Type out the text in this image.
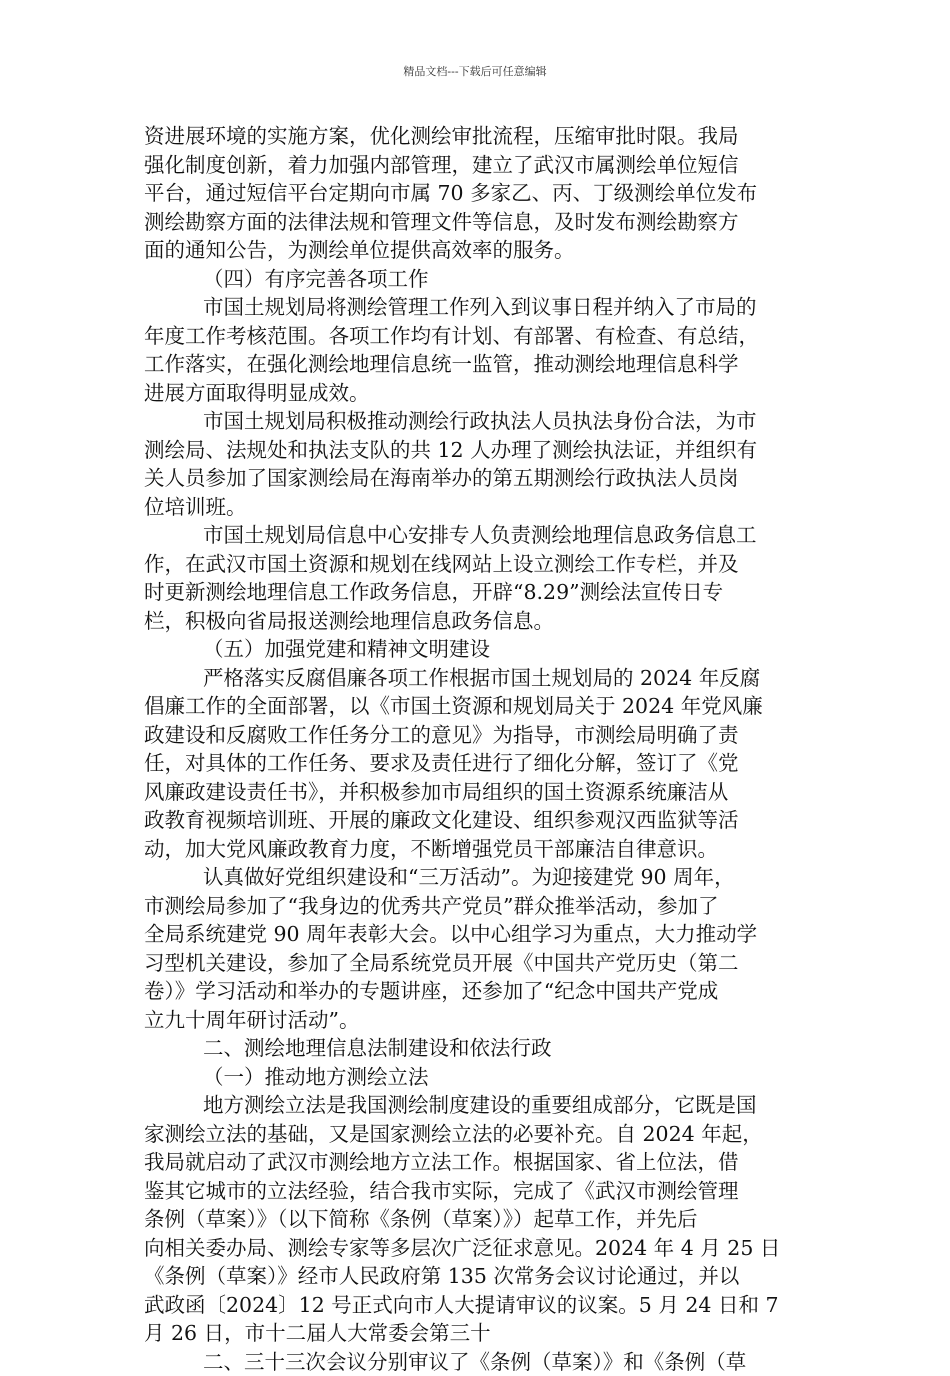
精品文档---下载后可任意编辑
资进展环境的实施方案，优化测绘审批流程，压缩审批时限。我局
强化制度创新，着力加强内部管理，建立了武汉市属测绘单位短信
平台，通过短信平台定期向市属 70 多家乙、丙、丁级测绘单位发布
测绘勘察方面的法律法规和管理文件等信息，及时发布测绘勘察方
面的通知公告，为测绘单位提供高效率的服务。
（四）有序完善各项工作
市国土规划局将测绘管理工作列入到议事日程并纳入了市局的
年度工作考核范围。各项工作均有计划、有部署、有检查、有总结，
工作落实，在强化测绘地理信息统一监管，推动测绘地理信息科学
进展方面取得明显成效。
市国土规划局积极推动测绘行政执法人员执法身份合法，为市
测绘局、法规处和执法支队的共 12 人办理了测绘执法证，并组织有
关人员参加了国家测绘局在海南举办的第五期测绘行政执法人员岗
位培训班。
市国土规划局信息中心安排专人负责测绘地理信息政务信息工
作，在武汉市国土资源和规划在线网站上设立测绘工作专栏，并及
时更新测绘地理信息工作政务信息，开辟“8.29”测绘法宣传日专
栏，积极向省局报送测绘地理信息政务信息。
（五）加强党建和精神文明建设
严格落实反腐倡廉各项工作根据市国土规划局的 2024 年反腐
倡廉工作的全面部署，以《市国土资源和规划局关于 2024 年党风廉
政建设和反腐败工作任务分工的意见》为指导，市测绘局明确了责
任，对具体的工作任务、要求及责任进行了细化分解，签订了《党
风廉政建设责任书》，并积极参加市局组织的国土资源系统廉洁从
政教育视频培训班、开展的廉政文化建设、组织参观汉西监狱等活
动，加大党风廉政教育力度，不断增强党员干部廉洁自律意识。
认真做好党组织建设和“三万活动”。为迎接建党 90 周年，
市测绘局参加了“我身边的优秀共产党员”群众推举活动，参加了
全局系统建党 90 周年表彰大会。以中心组学习为重点，大力推动学
习型机关建设，参加了全局系统党员开展《中国共产党历史（第二
卷）》学习活动和举办的专题讲座，还参加了“纪念中国共产党成
立九十周年研讨活动”。
二、测绘地理信息法制建设和依法行政
（一）推动地方测绘立法
地方测绘立法是我国测绘制度建设的重要组成部分，它既是国
家测绘立法的基础，又是国家测绘立法的必要补充。自 2024 年起，
我局就启动了武汉市测绘地方立法工作。根据国家、省上位法，借
鉴其它城市的立法经验，结合我市实际，完成了《武汉市测绘管理
条例（草案）》（以下简称《条例（草案）》）起草工作，并先后
向相关委办局、测绘专家等多层次广泛征求意见。2024 年 4 月 25 日
《条例（草案）》经市人民政府第 135 次常务会议讨论通过，并以
武政函〔2024〕12 号正式向市人大提请审议的议案。5 月 24 日和 7
月 26 日，市十二届人大常委会第三十
二、三十三次会议分别审议了《条例（草案）》和《条例（草
